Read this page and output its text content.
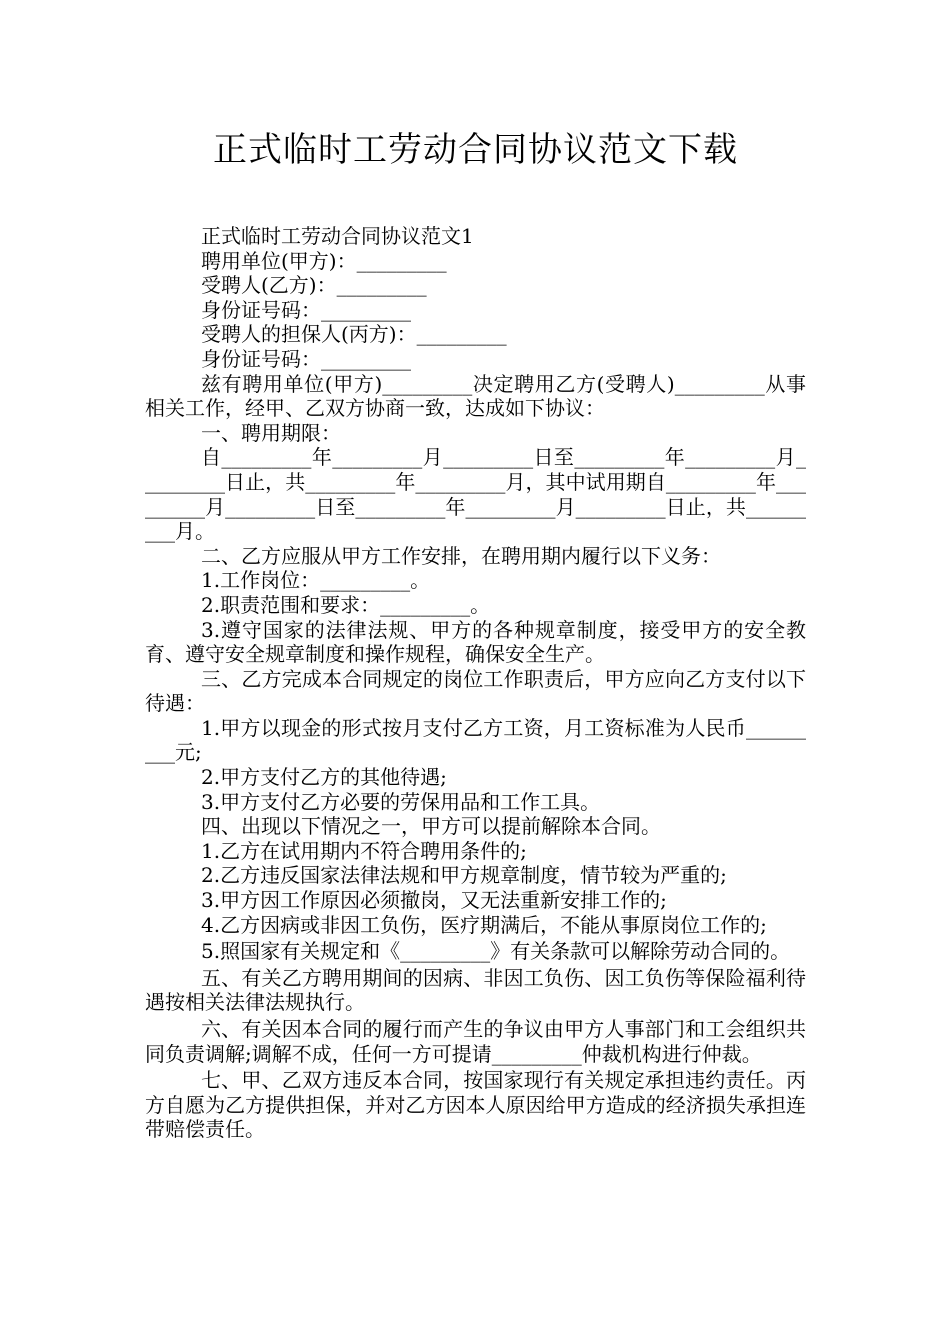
正式临时工劳动合同协议范文下载

正式临时工劳动合同协议范文1

聘用单位(甲方)：_________

受聘人(乙方)：_________

身份证号码：_________

受聘人的担保人(丙方)：_________

身份证号码：_________

兹有聘用单位(甲方)_________决定聘用乙方(受聘人)_________从事相关工作，经甲、乙双方协商一致，达成如下协议：

一、聘用期限：

自_________年_________月_________日至_________年_________月_________日止，共_________年_________月，其中试用期自_________年_________月_________日至_________年_________月_________日止，共_________月。

二、乙方应服从甲方工作安排，在聘用期内履行以下义务：

1.工作岗位：_________。

2.职责范围和要求：_________。

3.遵守国家的法律法规、甲方的各种规章制度，接受甲方的安全教育、遵守安全规章制度和操作规程，确保安全生产。

三、乙方完成本合同规定的岗位工作职责后，甲方应向乙方支付以下待遇：

1.甲方以现金的形式按月支付乙方工资，月工资标准为人民币_________元;

2.甲方支付乙方的其他待遇;

3.甲方支付乙方必要的劳保用品和工作工具。

四、出现以下情况之一，甲方可以提前解除本合同。

1.乙方在试用期内不符合聘用条件的;

2.乙方违反国家法律法规和甲方规章制度，情节较为严重的;

3.甲方因工作原因必须撤岗，又无法重新安排工作的;

4.乙方因病或非因工负伤，医疗期满后，不能从事原岗位工作的;

5.照国家有关规定和《_________》有关条款可以解除劳动合同的。

五、有关乙方聘用期间的因病、非因工负伤、因工负伤等保险福利待遇按相关法律法规执行。

六、有关因本合同的履行而产生的争议由甲方人事部门和工会组织共同负责调解;调解不成，任何一方可提请_________仲裁机构进行仲裁。

七、甲、乙双方违反本合同，按国家现行有关规定承担违约责任。丙方自愿为乙方提供担保，并对乙方因本人原因给甲方造成的经济损失承担连带赔偿责任。
